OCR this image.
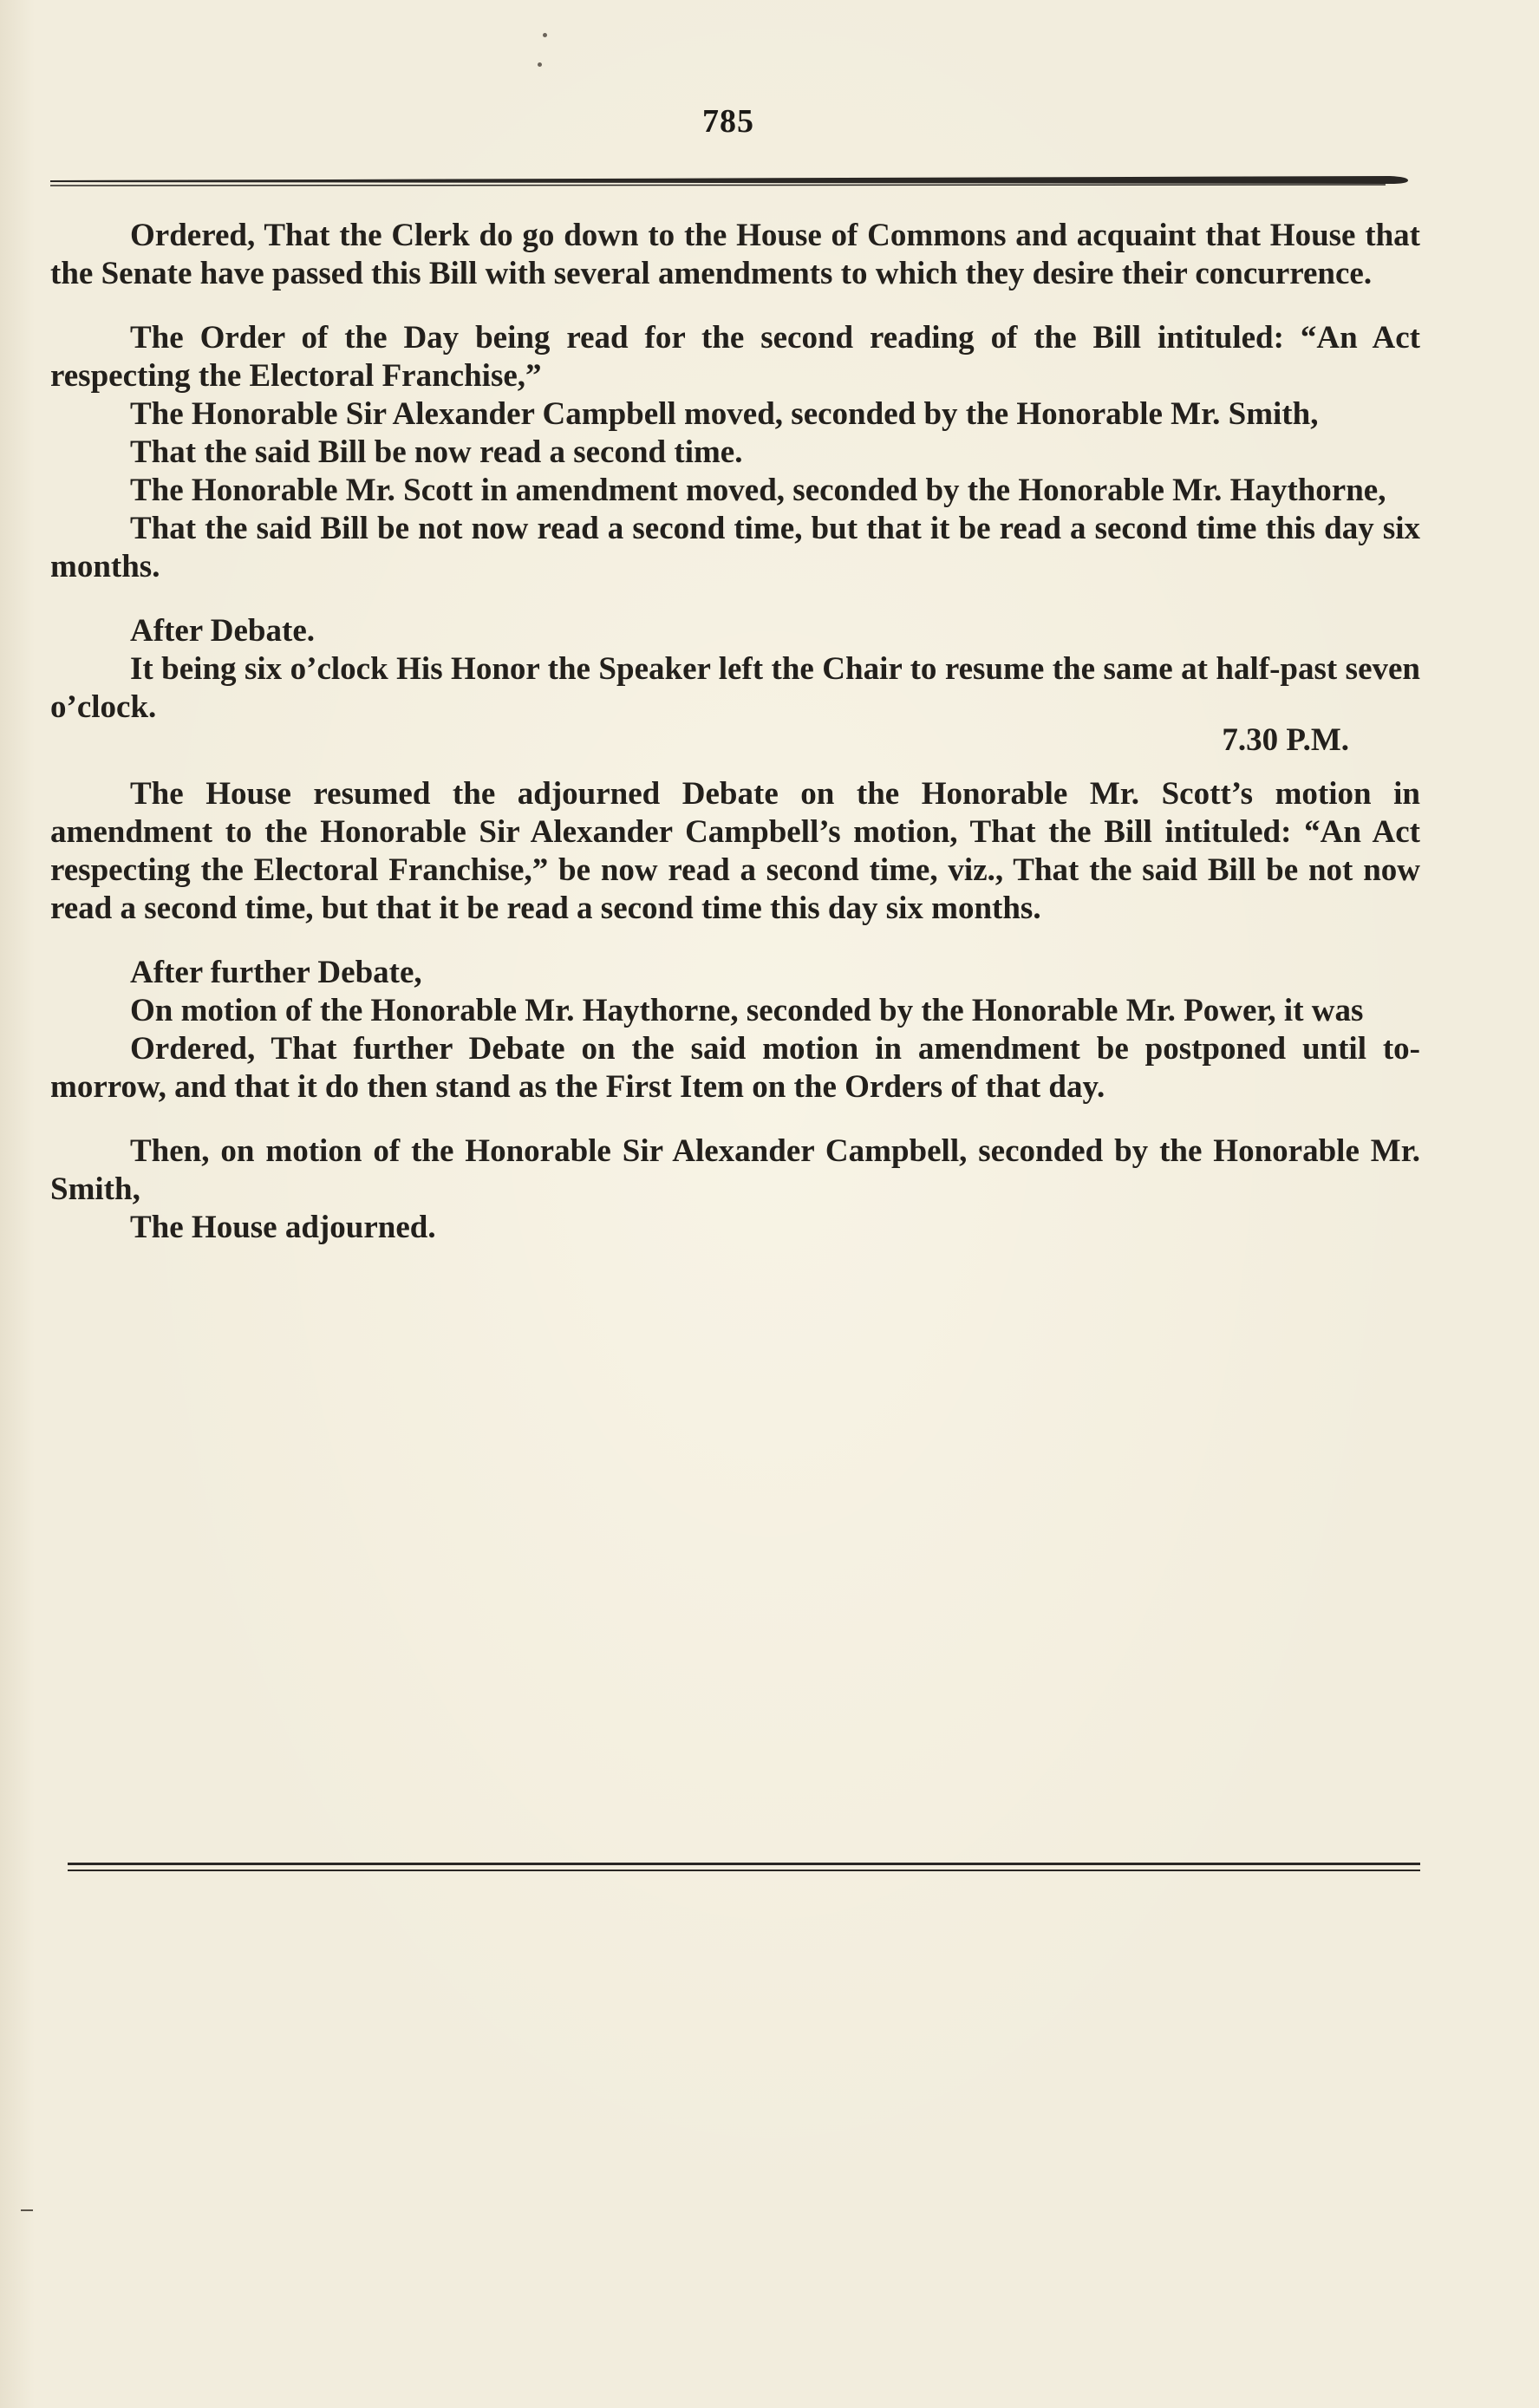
785

Ordered, That the Clerk do go down to the House of Commons and acquaint that House that the Senate have passed this Bill with several amendments to which they desire their concurrence.

The Order of the Day being read for the second reading of the Bill intituled: “An Act respecting the Electoral Franchise,”

The Honorable Sir Alexander Campbell moved, seconded by the Honorable Mr. Smith,

That the said Bill be now read a second time.

The Honorable Mr. Scott in amendment moved, seconded by the Honorable Mr. Haythorne,

That the said Bill be not now read a second time, but that it be read a second time this day six months.

After Debate.

It being six o’clock His Honor the Speaker left the Chair to resume the same at half-past seven o’clock.

7.30 P.M.

The House resumed the adjourned Debate on the Honorable Mr. Scott’s motion in amendment to the Honorable Sir Alexander Campbell’s motion, That the Bill intituled: “An Act respecting the Electoral Franchise,” be now read a second time, viz., That the said Bill be not now read a second time, but that it be read a second time this day six months.

After further Debate,

On motion of the Honorable Mr. Haythorne, seconded by the Honorable Mr. Power, it was

Ordered, That further Debate on the said motion in amendment be postponed until to-morrow, and that it do then stand as the First Item on the Orders of that day.

Then, on motion of the Honorable Sir Alexander Campbell, seconded by the Honorable Mr. Smith,

The House adjourned.
